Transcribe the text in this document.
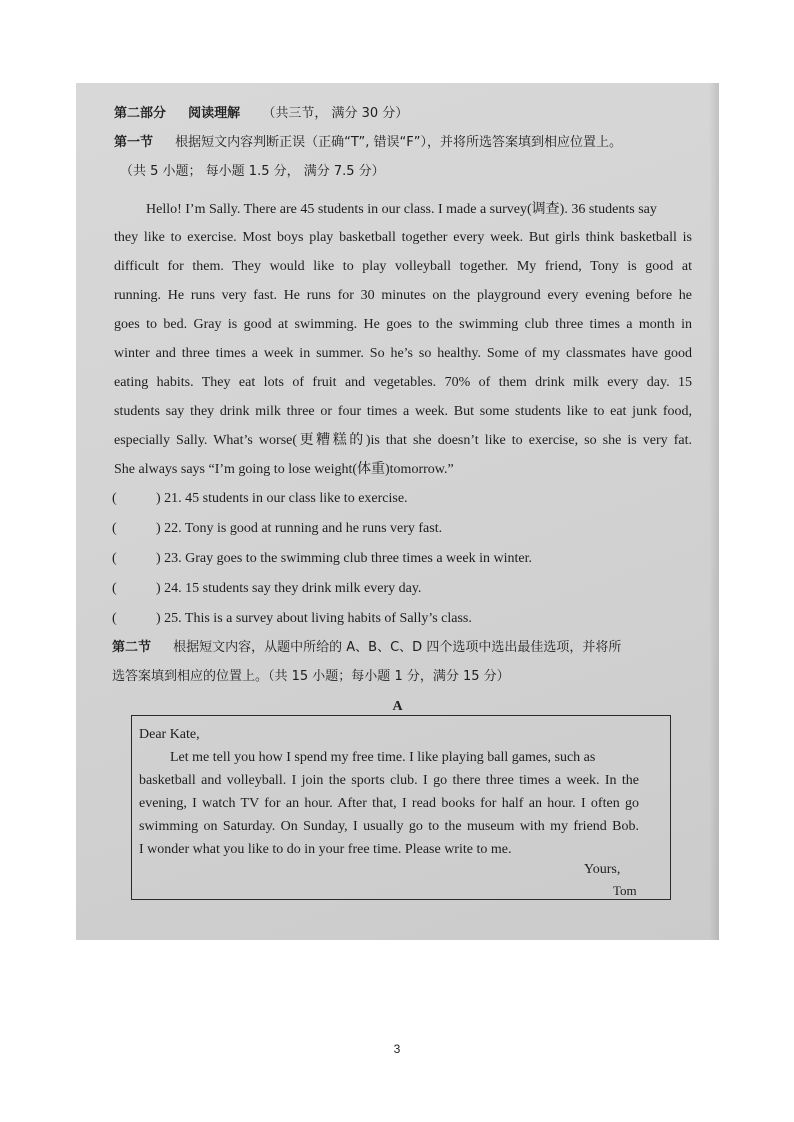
第二部分 阅读理解 （共三节， 满分 30 分）
第一节 根据短文内容判断正误（正确“T”, 错误“F”），并将所选答案填到相应位置上。
（共 5 小题； 每小题 1.5 分， 满分 7.5 分）
Hello! I’m Sally. There are 45 students in our class. I made a survey(调查). 36 students say
they like to exercise. Most boys play basketball together every week. But girls think basketball is
difficult for them. They would like to play volleyball together. My friend, Tony is good at
running. He runs very fast. He runs for 30 minutes on the playground every evening before he
goes to bed. Gray is good at swimming. He goes to the swimming club three times a month in
winter and three times a week in summer. So he’s so healthy. Some of my classmates have good
eating habits. They eat lots of fruit and vegetables. 70% of them drink milk every day. 15
students say they drink milk three or four times a week. But some students like to eat junk food,
especially Sally. What’s worse(更糟糕的)is that she doesn’t like to exercise, so she is very fat.
She always says “I’m going to lose weight(体重)tomorrow.”
(	) 21. 45 students in our class like to exercise.
(	) 22. Tony is good at running and he runs very fast.
(	) 23. Gray goes to the swimming club three times a week in winter.
(	) 24. 15 students say they drink milk every day.
(	) 25. This is a survey about living habits of Sally’s class.
第二节 根据短文内容，从题中所给的 A、B、C、D 四个选项中选出最佳选项，并将所
选答案填到相应的位置上。（共 15 小题；每小题 1 分，满分 15 分）
A
Dear Kate,
Let me tell you how I spend my free time. I like playing ball games, such as
basketball and volleyball. I join the sports club. I go there three times a week. In the
evening, I watch TV for an hour. After that, I read books for half an hour. I often go
swimming on Saturday. On Sunday, I usually go to the museum with my friend Bob.
I wonder what you like to do in your free time. Please write to me.
Yours,
Tom
3
